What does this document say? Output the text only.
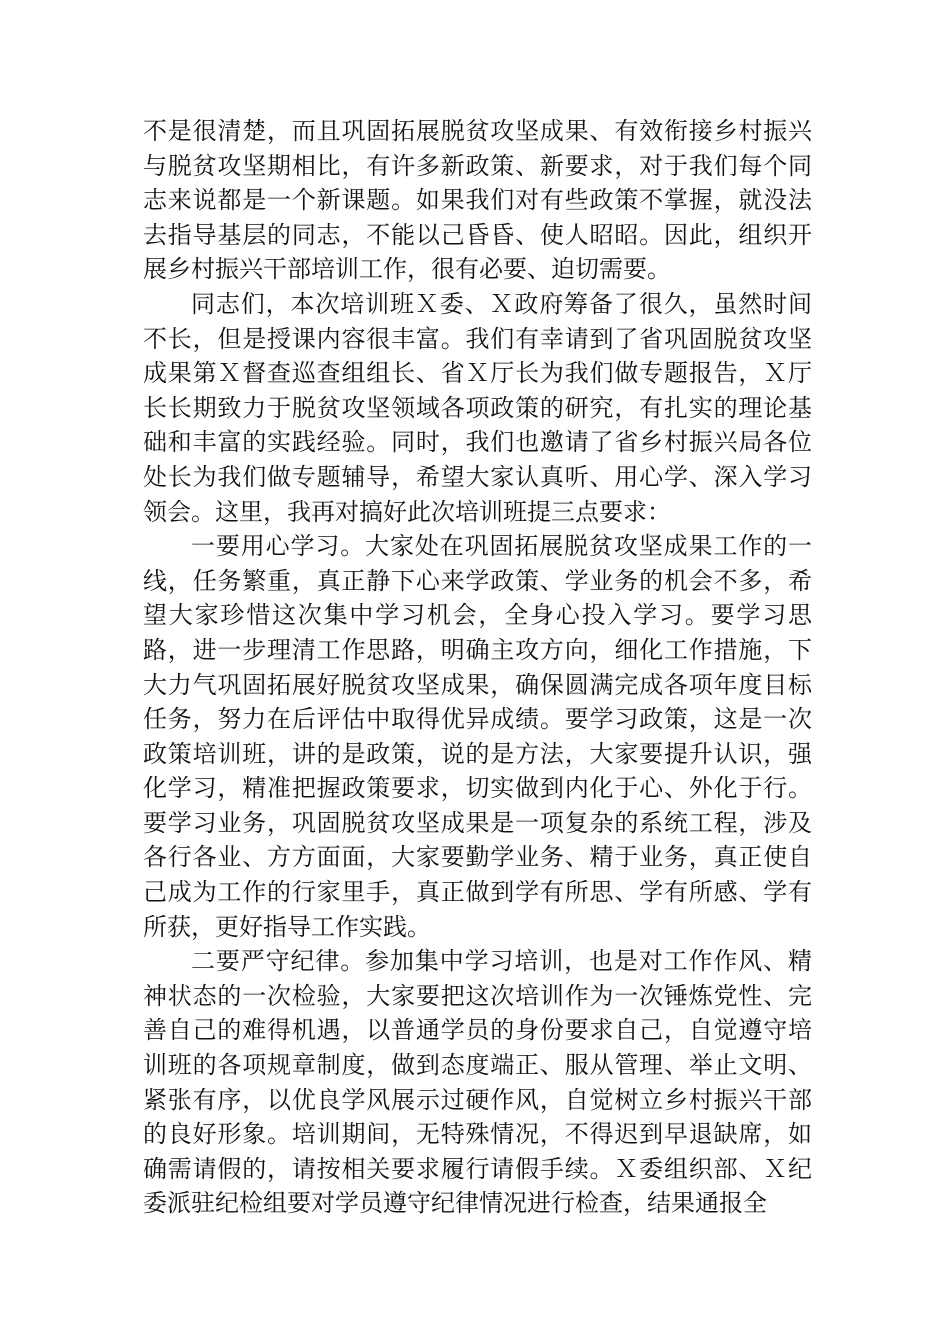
不是很清楚，而且巩固拓展脱贫攻坚成果、有效衔接乡村振兴与脱贫攻坚期相比，有许多新政策、新要求，对于我们每个同志来说都是一个新课题。如果我们对有些政策不掌握，就没法去指导基层的同志，不能以己昏昏、使人昭昭。因此，组织开展乡村振兴干部培训工作，很有必要、迫切需要。

同志们，本次培训班Ｘ委、Ｘ政府筹备了很久，虽然时间不长，但是授课内容很丰富。我们有幸请到了省巩固脱贫攻坚成果第Ｘ督查巡查组组长、省Ｘ厅长为我们做专题报告，Ｘ厅长长期致力于脱贫攻坚领域各项政策的研究，有扎实的理论基础和丰富的实践经验。同时，我们也邀请了省乡村振兴局各位处长为我们做专题辅导，希望大家认真听、用心学、深入学习领会。这里，我再对搞好此次培训班提三点要求：

一要用心学习。大家处在巩固拓展脱贫攻坚成果工作的一线，任务繁重，真正静下心来学政策、学业务的机会不多，希望大家珍惜这次集中学习机会，全身心投入学习。要学习思路，进一步理清工作思路，明确主攻方向，细化工作措施，下大力气巩固拓展好脱贫攻坚成果，确保圆满完成各项年度目标任务，努力在后评估中取得优异成绩。要学习政策，这是一次政策培训班，讲的是政策，说的是方法，大家要提升认识，强化学习，精准把握政策要求，切实做到内化于心、外化于行。要学习业务，巩固脱贫攻坚成果是一项复杂的系统工程，涉及各行各业、方方面面，大家要勤学业务、精于业务，真正使自己成为工作的行家里手，真正做到学有所思、学有所感、学有所获，更好指导工作实践。

二要严守纪律。参加集中学习培训，也是对工作作风、精神状态的一次检验，大家要把这次培训作为一次锤炼党性、完善自己的难得机遇，以普通学员的身份要求自己，自觉遵守培训班的各项规章制度，做到态度端正、服从管理、举止文明、紧张有序，以优良学风展示过硬作风，自觉树立乡村振兴干部的良好形象。培训期间，无特殊情况，不得迟到早退缺席，如确需请假的，请按相关要求履行请假手续。Ｘ委组织部、Ｘ纪委派驻纪检组要对学员遵守纪律情况进行检查，结果通报全
